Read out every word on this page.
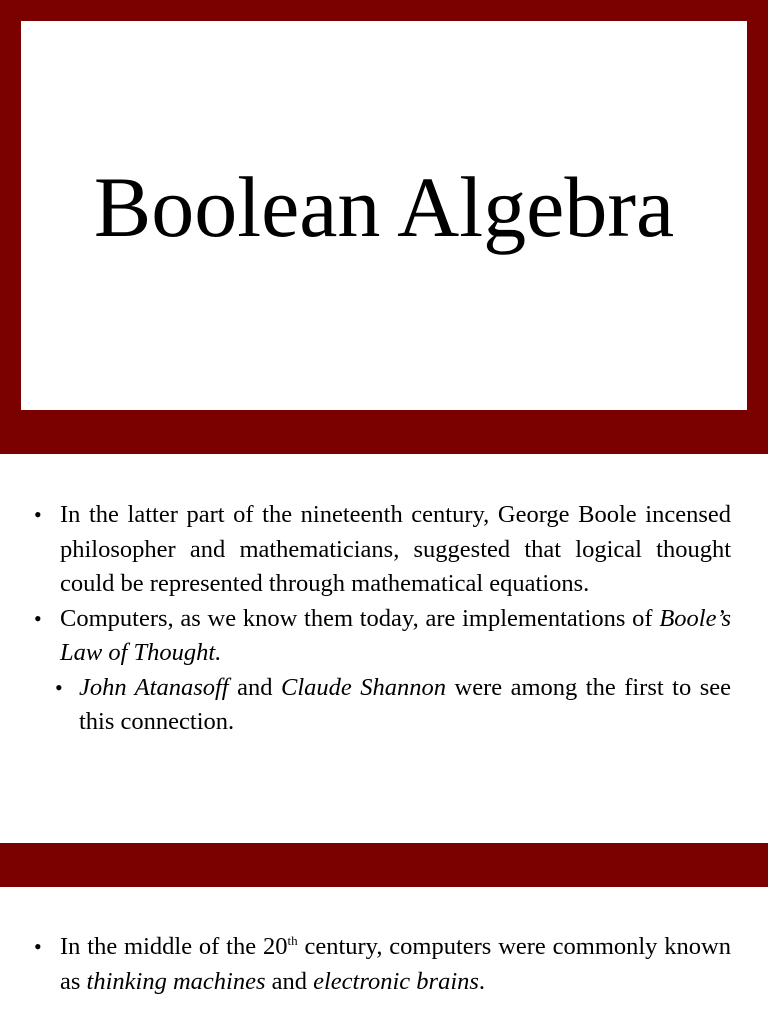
Boolean Algebra
• In the latter part of the nineteenth century, George Boole incensed philosopher and mathematicians, suggested that logical thought could be represented through mathematical equations.
• Computers, as we know them today, are implementations of Boole’s Law of Thought.
• John Atanasoff and Claude Shannon were among the first to see this connection.
• In the middle of the 20th century, computers were commonly known as thinking machines and electronic brains.
